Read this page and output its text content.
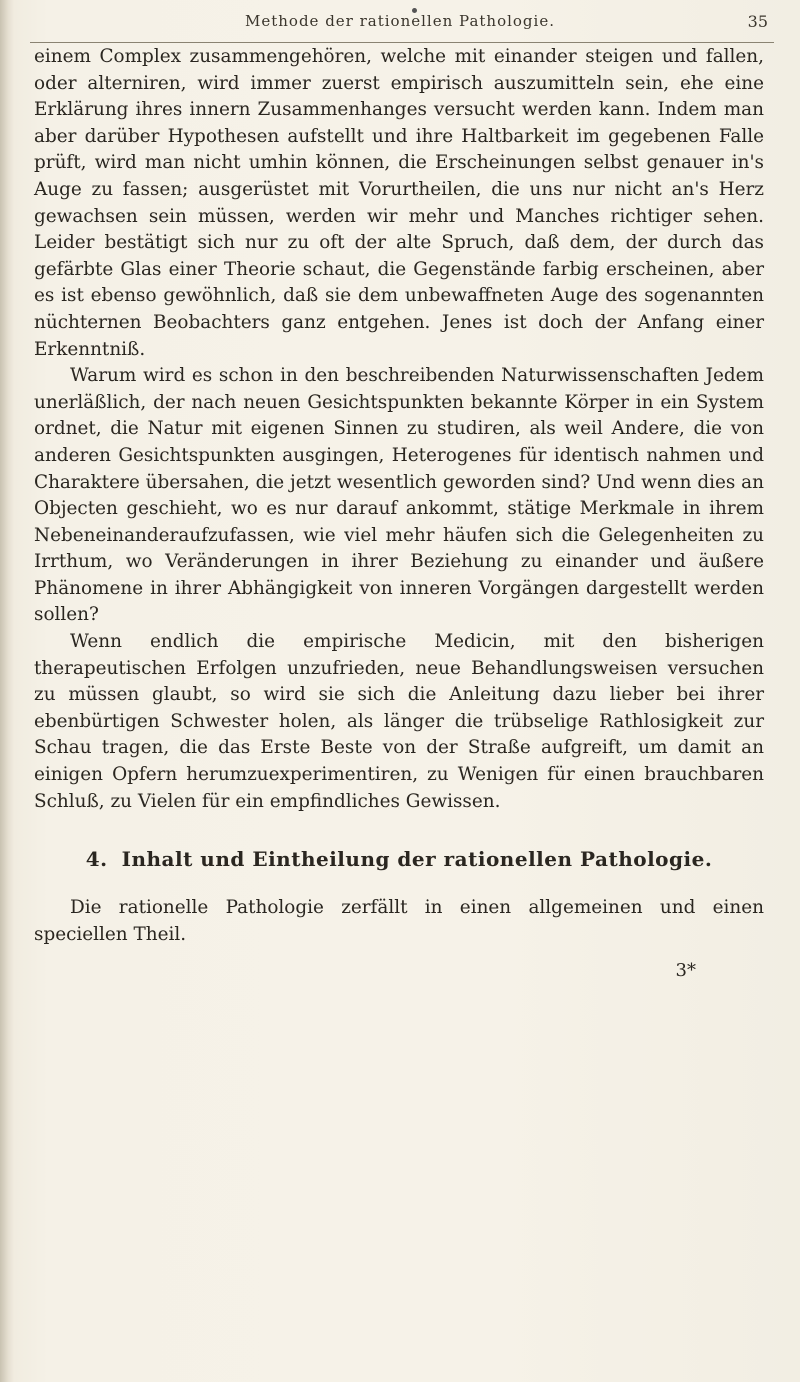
Methode der rationellen Pathologie.	35

einem Complex zusammengehören, welche mit einander steigen und fallen, oder alterniren, wird immer zuerst empirisch auszumitteln sein, ehe eine Erklärung ihres innern Zusammenhanges versucht werden kann. Indem man aber darüber Hypothesen aufstellt und ihre Haltbarkeit im gegebenen Falle prüft, wird man nicht umhin können, die Erscheinungen selbst genauer in's Auge zu fassen; ausgerüstet mit Vorurtheilen, die uns nur nicht an's Herz gewachsen sein müssen, werden wir mehr und Manches richtiger sehen. Leider bestätigt sich nur zu oft der alte Spruch, daß dem, der durch das gefärbte Glas einer Theorie schaut, die Gegenstände farbig erscheinen, aber es ist ebenso gewöhnlich, daß sie dem unbewaffneten Auge des sogenannten nüchternen Beobachters ganz entgehen. Jenes ist doch der Anfang einer Erkenntniß.

Warum wird es schon in den beschreibenden Naturwissenschaften Jedem unerläßlich, der nach neuen Gesichtspunkten bekannte Körper in ein System ordnet, die Natur mit eigenen Sinnen zu studiren, als weil Andere, die von anderen Gesichtspunkten ausgingen, Heterogenes für identisch nahmen und Charaktere übersahen, die jetzt wesentlich geworden sind? Und wenn dies an Objecten geschieht, wo es nur darauf ankommt, stätige Merkmale in ihrem Nebeneinanderaufzufassen, wie viel mehr häufen sich die Gelegenheiten zu Irrthum, wo Veränderungen in ihrer Beziehung zu einander und äußere Phänomene in ihrer Abhängigkeit von inneren Vorgängen dargestellt werden sollen?

Wenn endlich die empirische Medicin, mit den bisherigen therapeutischen Erfolgen unzufrieden, neue Behandlungsweisen versuchen zu müssen glaubt, so wird sie sich die Anleitung dazu lieber bei ihrer ebenbürtigen Schwester holen, als länger die trübselige Rathlosigkeit zur Schau tragen, die das Erste Beste von der Straße aufgreift, um damit an einigen Opfern herumzuexperimentiren, zu Wenigen für einen brauchbaren Schluß, zu Vielen für ein empfindliches Gewissen.

4. Inhalt und Eintheilung der rationellen Pathologie.

Die rationelle Pathologie zerfällt in einen allgemeinen und einen speciellen Theil.

3*
